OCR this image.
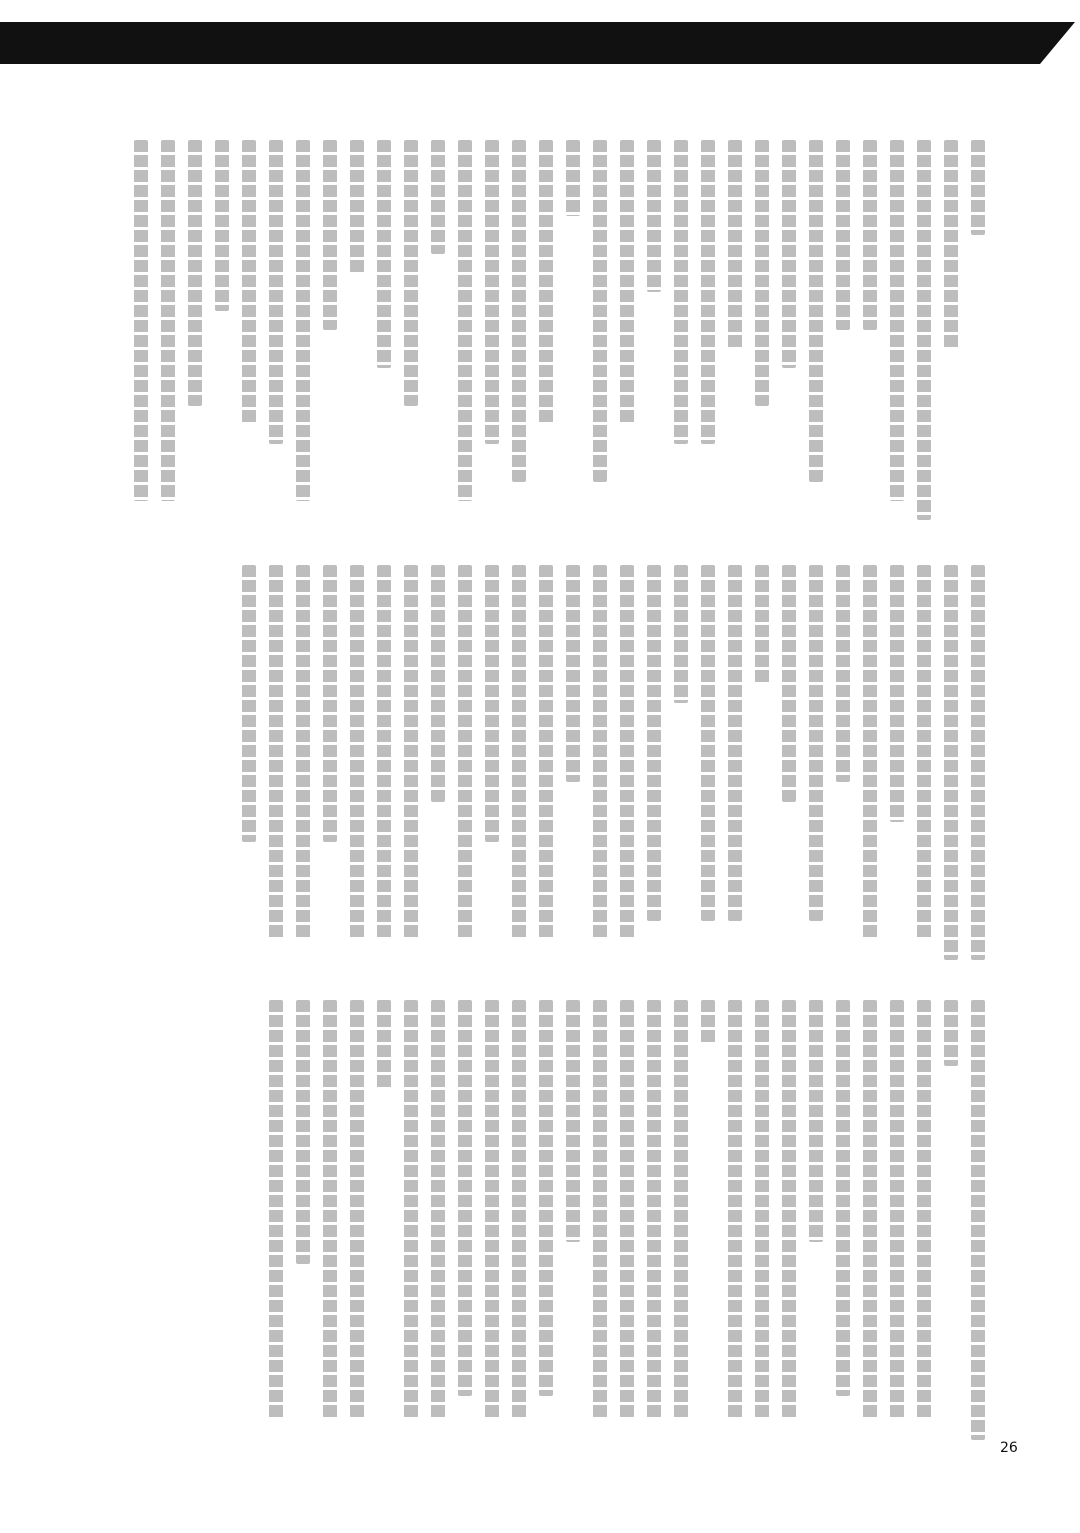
26
